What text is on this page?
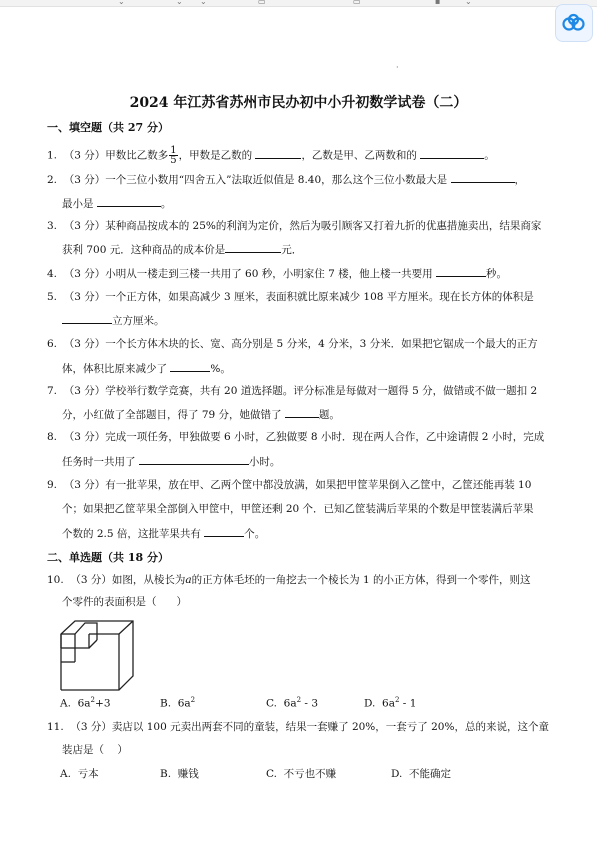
⌄	⌄ ⌄	▭	▭	▪	⌄
·
2024 年江苏省苏州市民办初中小升初数学试卷（二）
一、填空题（共 27 分）
1.  （3 分）甲数比乙数多 $\frac{1}{5}$ ，甲数是乙数的	，乙数是甲、乙两数和的	。
2.  （3 分）一个三位小数用“四舍五入”法取近似值是 8.40，那么这个三位小数最大是	，
最小是	。
3.  （3 分）某种商品按成本的 25%的利润为定价，然后为吸引顾客又打着九折的优惠措施卖出，结果商家
获利 700 元．这种商品的成本价是	元．
4.  （3 分）小明从一楼走到三楼一共用了 60 秒，小明家住 7 楼，他上楼一共要用	秒。
5.  （3 分）一个正方体，如果高减少 3 厘米，表面积就比原来减少 108 平方厘米。现在长方体的体积是
立方厘米。
6.  （3 分）一个长方体木块的长、宽、高分别是 5 分米，4 分米，3 分米．如果把它锯成一个最大的正方
体，体积比原来减少了	%。
7.  （3 分）学校举行数学竞赛，共有 20 道选择题。评分标准是每做对一题得 5 分，做错或不做一题扣 2
分，小红做了全部题目，得了 79 分，她做错了	题。
8.  （3 分）完成一项任务，甲独做要 6 小时，乙独做要 8 小时．现在两人合作，乙中途请假 2 小时，完成
任务时一共用了	小时。
9.  （3 分）有一批苹果，放在甲、乙两个筐中都没放满，如果把甲筐苹果倒入乙筐中，乙筐还能再装 10
个；如果把乙筐苹果全部倒入甲筐中，甲筐还剩 20 个．已知乙筐装满后苹果的个数是甲筐装满后苹果
个数的 2.5 倍，这批苹果共有	个。
二、单选题（共 18 分）
10.  （3 分）如图，从棱长为a的正方体毛坯的一角挖去一个棱长为 1 的小正方体，得到一个零件，则这
个零件的表面积是（      ）
A.  $6a^2+3$	B.  $6a^2$	C.  $6a^2 - 3$	D.  $6a^2 - 1$
11.  （3 分）卖店以 100 元卖出两套不同的童装，结果一套赚了 20%，一套亏了 20%，总的来说，这个童
装店是（    ）
A.  亏本	B.  赚钱	C.  不亏也不赚	D.  不能确定
